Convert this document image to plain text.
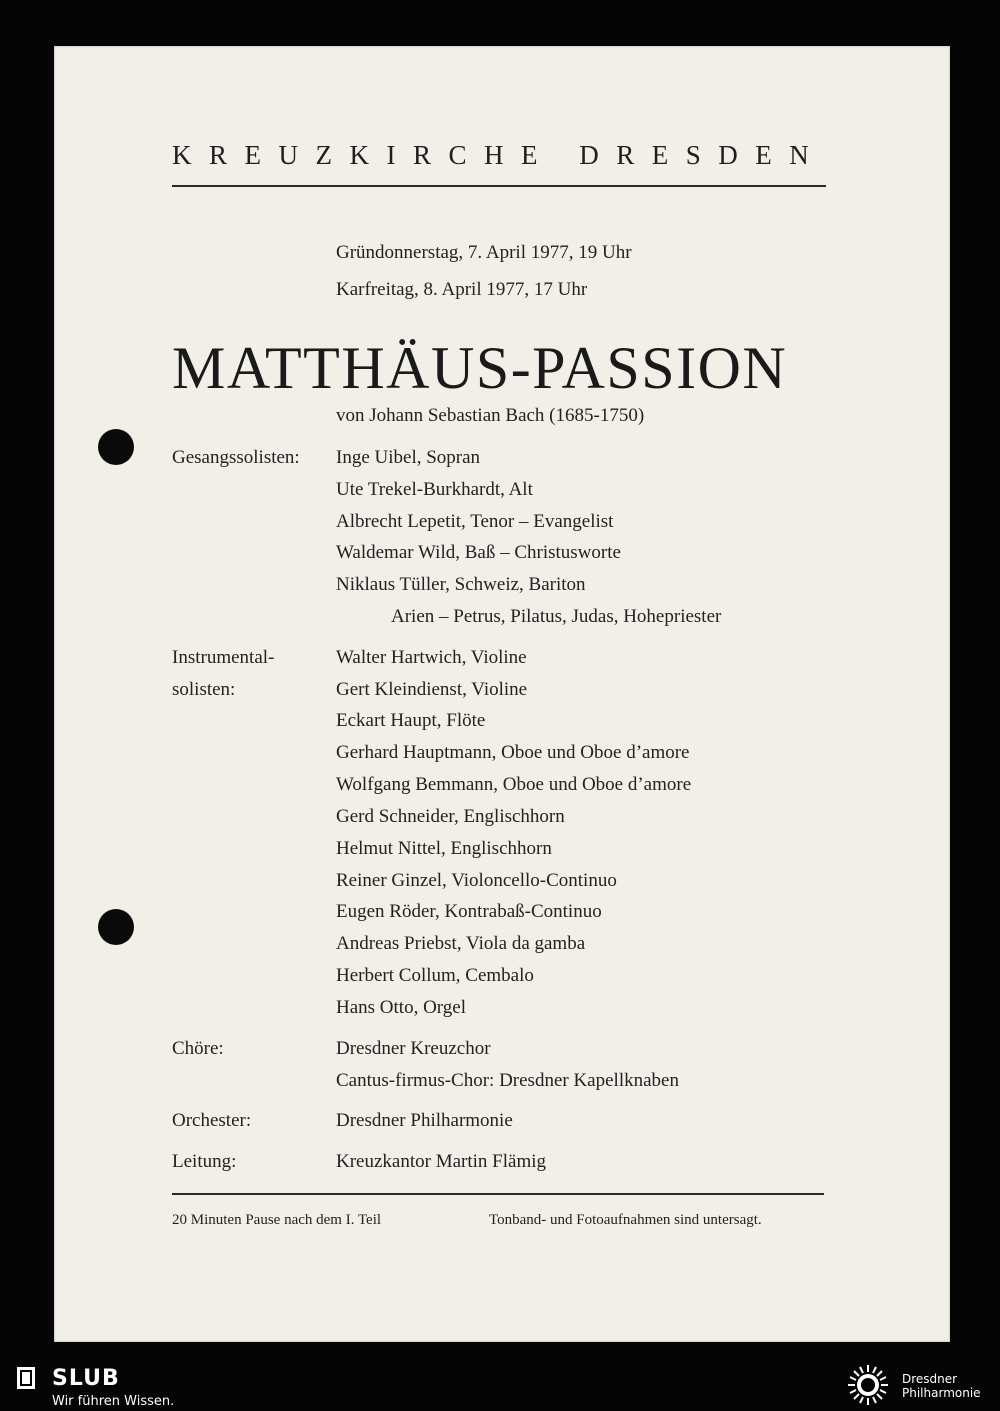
KREUZKIRCHE DRESDEN
Gründonnerstag, 7. April 1977, 19 Uhr
Karfreitag, 8. April 1977, 17 Uhr
MATTHÄUS-PASSION
von Johann Sebastian Bach (1685-1750)
Gesangssolisten: Inge Uibel, Sopran
Ute Trekel-Burkhardt, Alt
Albrecht Lepetit, Tenor – Evangelist
Waldemar Wild, Baß – Christusworte
Niklaus Tüller, Schweiz, Bariton
Arien – Petrus, Pilatus, Judas, Hohepriester
Instrumental-
solisten:
Walter Hartwich, Violine
Gert Kleindienst, Violine
Eckart Haupt, Flöte
Gerhard Hauptmann, Oboe und Oboe d’amore
Wolfgang Bemmann, Oboe und Oboe d’amore
Gerd Schneider, Englischhorn
Helmut Nittel, Englischhorn
Reiner Ginzel, Violoncello-Continuo
Eugen Röder, Kontrabaß-Continuo
Andreas Priebst, Viola da gamba
Herbert Collum, Cembalo
Hans Otto, Orgel
Chöre:	Dresdner Kreuzchor
Cantus-firmus-Chor: Dresdner Kapellknaben
Orchester:	Dresdner Philharmonie
Leitung:	Kreuzkantor Martin Flämig
20 Minuten Pause nach dem I. Teil	Tonband- und Fotoaufnahmen sind untersagt.
SLUB
Wir führen Wissen.
Dresdner
Philharmonie
